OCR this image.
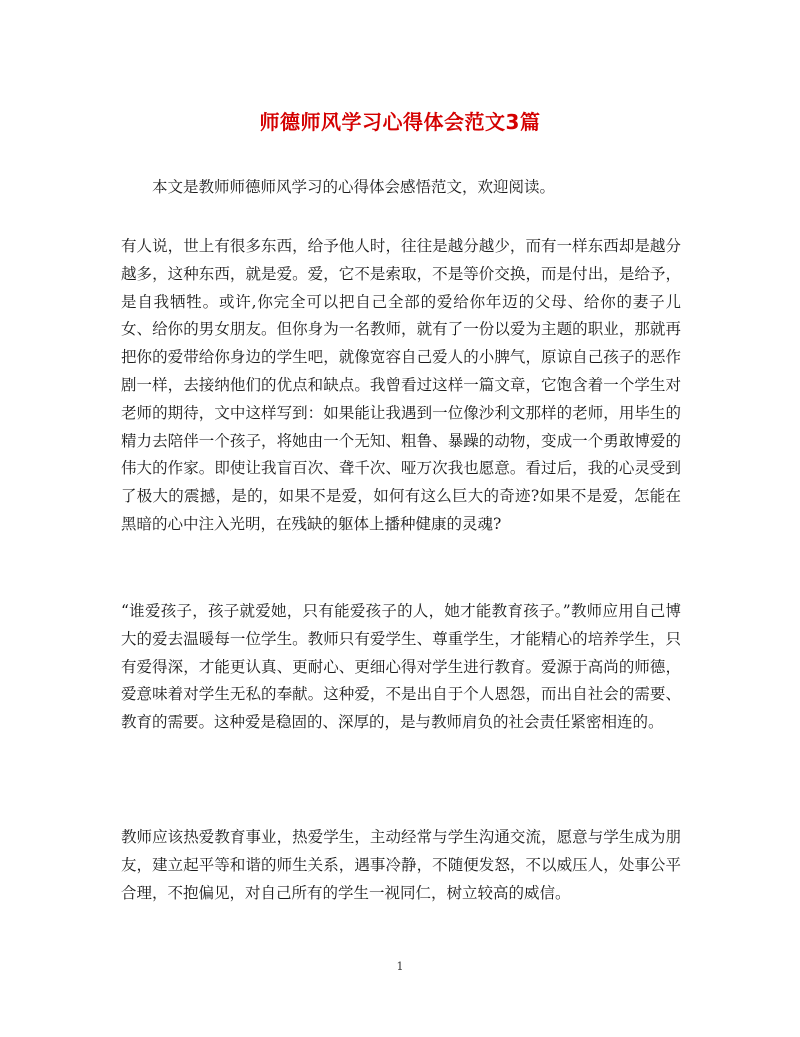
师德师风学习心得体会范文3篇
本文是教师师德师风学习的心得体会感悟范文，欢迎阅读。
有人说，世上有很多东西，给予他人时，往往是越分越少，而有一样东西却是越分越多，这种东西，就是爱。爱，它不是索取，不是等价交换，而是付出，是给予，是自我牺牲。或许,你完全可以把自己全部的爱给你年迈的父母、给你的妻子儿女、给你的男女朋友。但你身为一名教师，就有了一份以爱为主题的职业，那就再把你的爱带给你身边的学生吧，就像宽容自己爱人的小脾气，原谅自己孩子的恶作剧一样，去接纳他们的优点和缺点。我曾看过这样一篇文章，它饱含着一个学生对老师的期待，文中这样写到：如果能让我遇到一位像沙利文那样的老师，用毕生的精力去陪伴一个孩子，将她由一个无知、粗鲁、暴躁的动物，变成一个勇敢博爱的伟大的作家。即使让我盲百次、聋千次、哑万次我也愿意。看过后，我的心灵受到了极大的震撼，是的，如果不是爱，如何有这么巨大的奇迹?如果不是爱，怎能在黑暗的心中注入光明，在残缺的躯体上播种健康的灵魂?
“谁爱孩子，孩子就爱她，只有能爱孩子的人，她才能教育孩子。”教师应用自己博大的爱去温暖每一位学生。教师只有爱学生、尊重学生，才能精心的培养学生，只有爱得深，才能更认真、更耐心、更细心得对学生进行教育。爱源于高尚的师德，爱意味着对学生无私的奉献。这种爱，不是出自于个人恩怨，而出自社会的需要、教育的需要。这种爱是稳固的、深厚的，是与教师肩负的社会责任紧密相连的。
教师应该热爱教育事业，热爱学生，主动经常与学生沟通交流，愿意与学生成为朋友，建立起平等和谐的师生关系，遇事冷静，不随便发怒，不以威压人，处事公平合理，不抱偏见，对自己所有的学生一视同仁，树立较高的威信。
1
